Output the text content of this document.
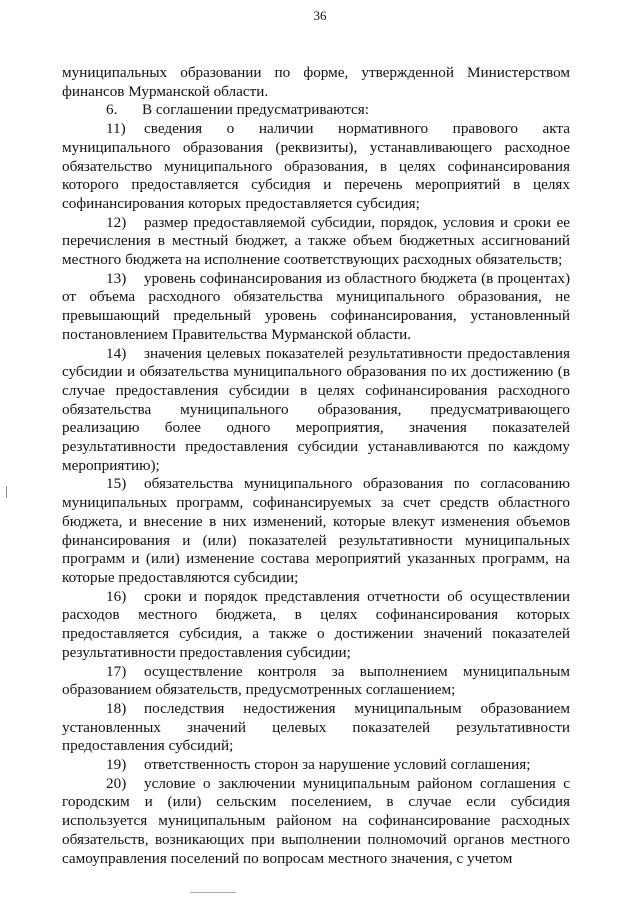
36

муниципальных образовании по форме, утвержденной Министерством финансов Мурманской области.

6. В соглашении предусматриваются:

11) сведения о наличии нормативного правового акта муниципального образования (реквизиты), устанавливающего расходное обязательство муниципального образования, в целях софинансирования которого предоставляется субсидия и перечень мероприятий в целях софинансирования которых предоставляется субсидия;

12) размер предоставляемой субсидии, порядок, условия и сроки ее перечисления в местный бюджет, а также объем бюджетных ассигнований местного бюджета на исполнение соответствующих расходных обязательств;

13) уровень софинансирования из областного бюджета (в процентах) от объема расходного обязательства муниципального образования, не превышающий предельный уровень софинансирования, установленный постановлением Правительства Мурманской области.

14) значения целевых показателей результативности предоставления субсидии и обязательства муниципального образования по их достижению (в случае предоставления субсидии в целях софинансирования расходного обязательства муниципального образования, предусматривающего реализацию более одного мероприятия, значения показателей результативности предоставления субсидии устанавливаются по каждому мероприятию);

15) обязательства муниципального образования по согласованию муниципальных программ, софинансируемых за счет средств областного бюджета, и внесение в них изменений, которые влекут изменения объемов финансирования и (или) показателей результативности муниципальных программ и (или) изменение состава мероприятий указанных программ, на которые предоставляются субсидии;

16) сроки и порядок представления отчетности об осуществлении расходов местного бюджета, в целях софинансирования которых предоставляется субсидия, а также о достижении значений показателей результативности предоставления субсидии;

17) осуществление контроля за выполнением муниципальным образованием обязательств, предусмотренных соглашением;

18) последствия недостижения муниципальным образованием установленных значений целевых показателей результативности предоставления субсидий;

19) ответственность сторон за нарушение условий соглашения;

20) условие о заключении муниципальным районом соглашения с городским и (или) сельским поселением, в случае если субсидия используется муниципальным районом на софинансирование расходных обязательств, возникающих при выполнении полномочий органов местного самоуправления поселений по вопросам местного значения, с учетом
